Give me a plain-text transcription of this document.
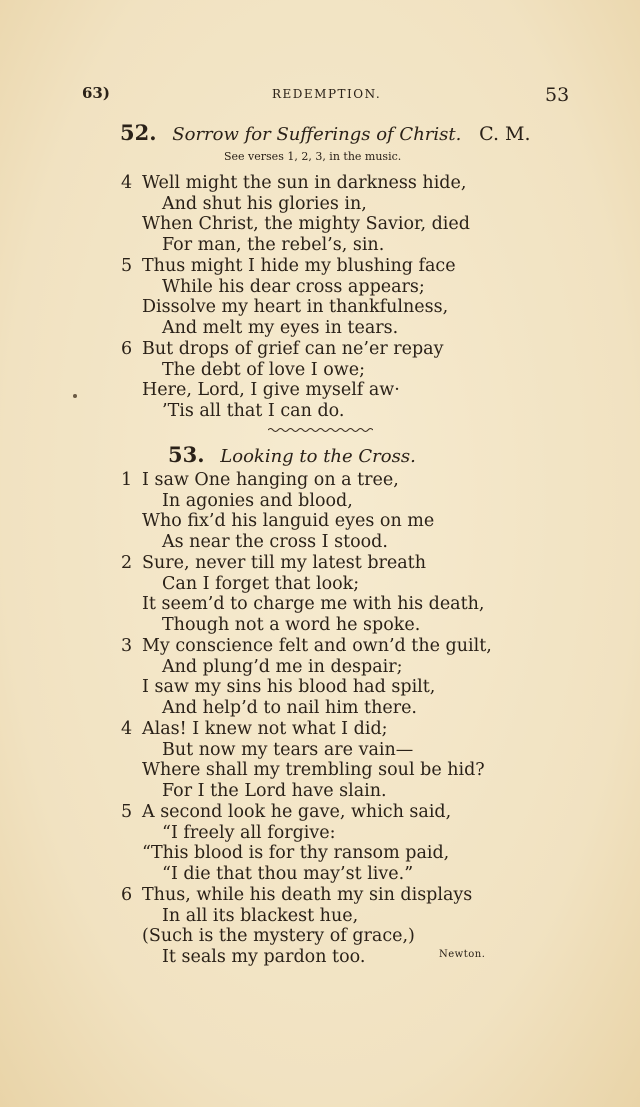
63)	REDEMPTION.	53
52. Sorrow for Sufferings of Christ. C. M.
See verses 1, 2, 3, in the music.
4 Well might the sun in darkness hide,
And shut his glories in,
When Christ, the mighty Savior, died
For man, the rebel’s, sin.
5 Thus might I hide my blushing face
While his dear cross appears;
Dissolve my heart in thankfulness,
And melt my eyes in tears.
6 But drops of grief can ne’er repay
The debt of love I owe;
Here, Lord, I give myself aw·
’Tis all that I can do.
53. Looking to the Cross.
1 I saw One hanging on a tree,
In agonies and blood,
Who fix’d his languid eyes on me
As near the cross I stood.
2 Sure, never till my latest breath
Can I forget that look;
It seem’d to charge me with his death,
Though not a word he spoke.
3 My conscience felt and own’d the guilt,
And plung’d me in despair;
I saw my sins his blood had spilt,
And help’d to nail him there.
4 Alas! I knew not what I did;
But now my tears are vain—
Where shall my trembling soul be hid?
For I the Lord have slain.
5 A second look he gave, which said,
“I freely all forgive:
“This blood is for thy ransom paid,
“I die that thou may’st live.”
6 Thus, while his death my sin displays
In all its blackest hue,
(Such is the mystery of grace,)
It seals my pardon too.	Newton.
